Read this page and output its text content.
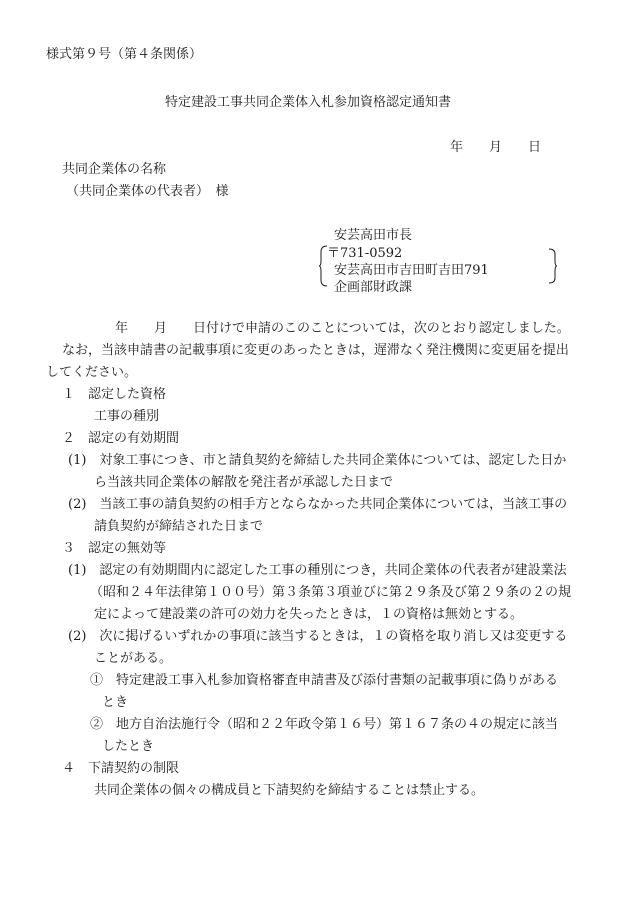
様式第９号（第４条関係）
特定建設工事共同企業体入札参加資格認定通知書
年　　月　　日
共同企業体の名称
（共同企業体の代表者）　様
安芸高田市長
〒731-0592
安芸高田市吉田町吉田791
企画部財政課
年　　月　　日付けで申請のこのことについては，次のとおり認定しました。
なお，当該申請書の記載事項に変更のあったときは，遅滞なく発注機関に変更届を提出
してください。
１　認定した資格
工事の種別
２　認定の有効期間
(1)　対象工事につき、市と請負契約を締結した共同企業体については、認定した日か
ら当該共同企業体の解散を発注者が承認した日まで
(2)　当該工事の請負契約の相手方とならなかった共同企業体については，当該工事の
請負契約が締結された日まで
３　認定の無効等
(1)　認定の有効期間内に認定した工事の種別につき，共同企業体の代表者が建設業法
（昭和２４年法律第１００号）第３条第３項並びに第２９条及び第２９条の２の規
定によって建設業の許可の効力を失ったときは，１の資格は無効とする。
(2)　次に掲げるいずれかの事項に該当するときは，１の資格を取り消し又は変更する
ことがある。
①　特定建設工事入札参加資格審査申請書及び添付書類の記載事項に偽りがある
とき
②　地方自治法施行令（昭和２２年政令第１６号）第１６７条の４の規定に該当
したとき
４　下請契約の制限
共同企業体の個々の構成員と下請契約を締結することは禁止する。
